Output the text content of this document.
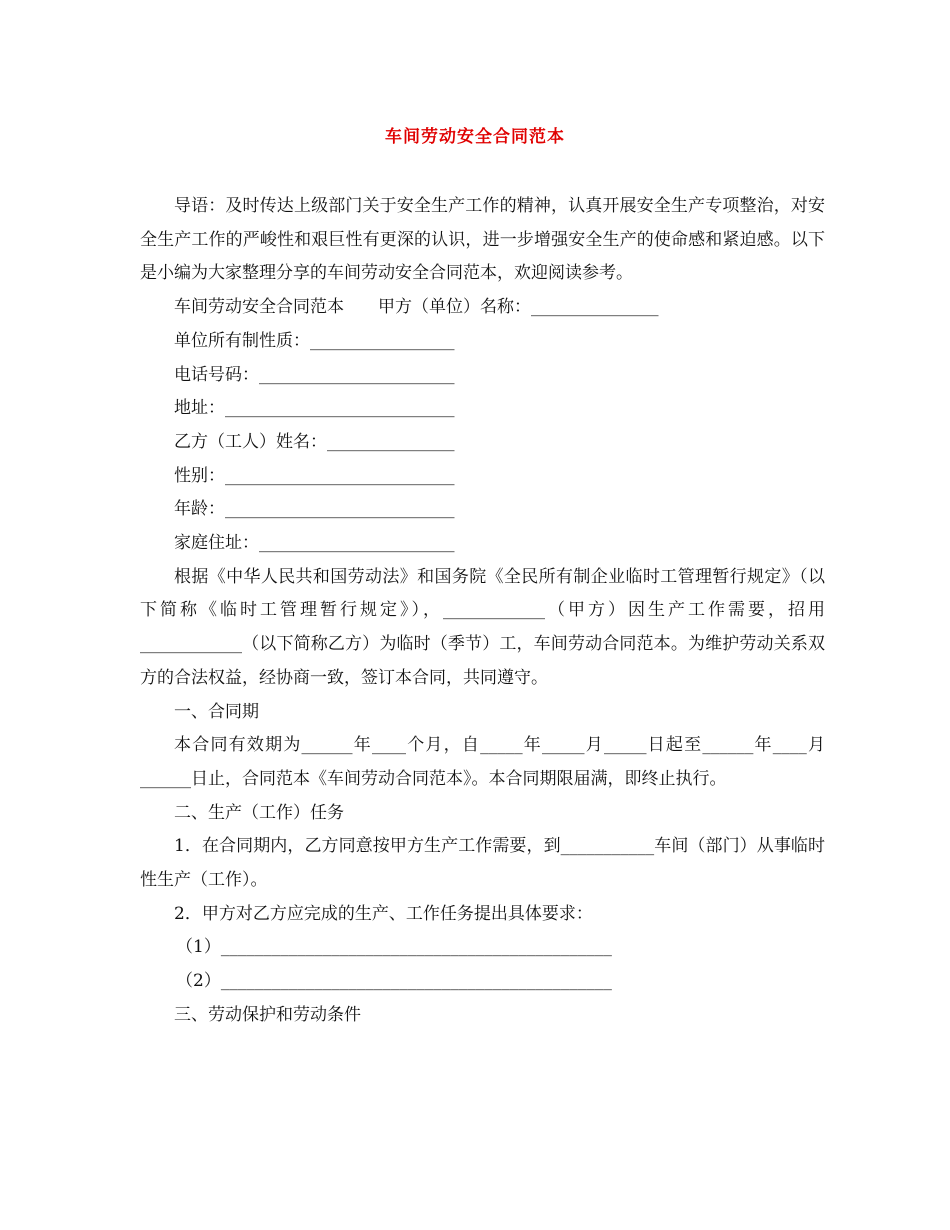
车间劳动安全合同范本

导语：及时传达上级部门关于安全生产工作的精神，认真开展安全生产专项整治，对安全生产工作的严峻性和艰巨性有更深的认识，进一步增强安全生产的使命感和紧迫感。以下是小编为大家整理分享的车间劳动安全合同范本，欢迎阅读参考。

车间劳动安全合同范本　　甲方（单位）名称：_______________

单位所有制性质：_________________

电话号码：_______________________

地址：___________________________

乙方（工人）姓名：_______________

性别：___________________________

年龄：___________________________

家庭住址：_______________________

根据《中华人民共和国劳动法》和国务院《全民所有制企业临时工管理暂行规定》（以下简称《临时工管理暂行规定》），____________（甲方）因生产工作需要，招用____________（以下简称乙方）为临时（季节）工，车间劳动合同范本。为维护劳动关系双方的合法权益，经协商一致，签订本合同，共同遵守。

一、合同期

本合同有效期为______年____个月，自_____年_____月_____日起至______年____月______日止，合同范本《车间劳动合同范本》。本合同期限届满，即终止执行。

二、生产（工作）任务

1．在合同期内，乙方同意按甲方生产工作需要，到___________车间（部门）从事临时性生产（工作）。

2．甲方对乙方应完成的生产、工作任务提出具体要求：

（1）______________________________________________

（2）______________________________________________

三、劳动保护和劳动条件
